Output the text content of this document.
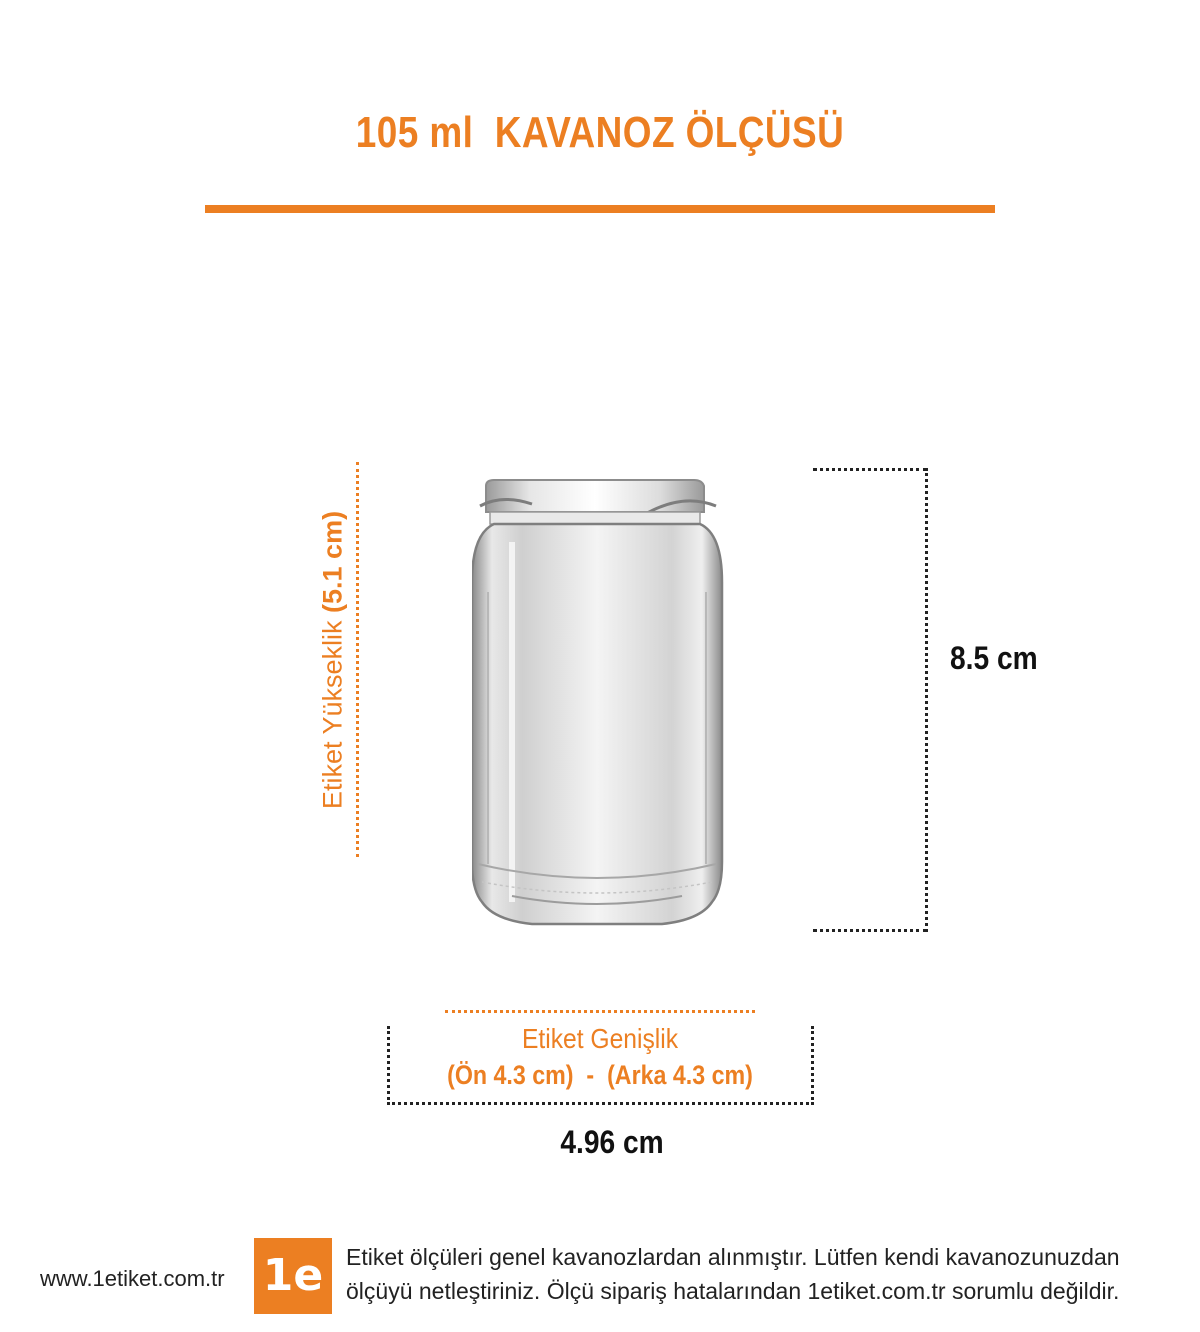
105 ml  KAVANOZ ÖLÇÜSÜ
Etiket Yükseklik (5.1 cm)
8.5 cm
Etiket Genişlik
(Ön 4.3 cm)  -  (Arka 4.3 cm)
4.96 cm
www.1etiket.com.tr 1e Etiket ölçüleri genel kavanozlardan alınmıştır. Lütfen kendi kavanozunuzdan ölçüyü netleştiriniz. Ölçü sipariş hatalarından 1etiket.com.tr sorumlu değildir.
